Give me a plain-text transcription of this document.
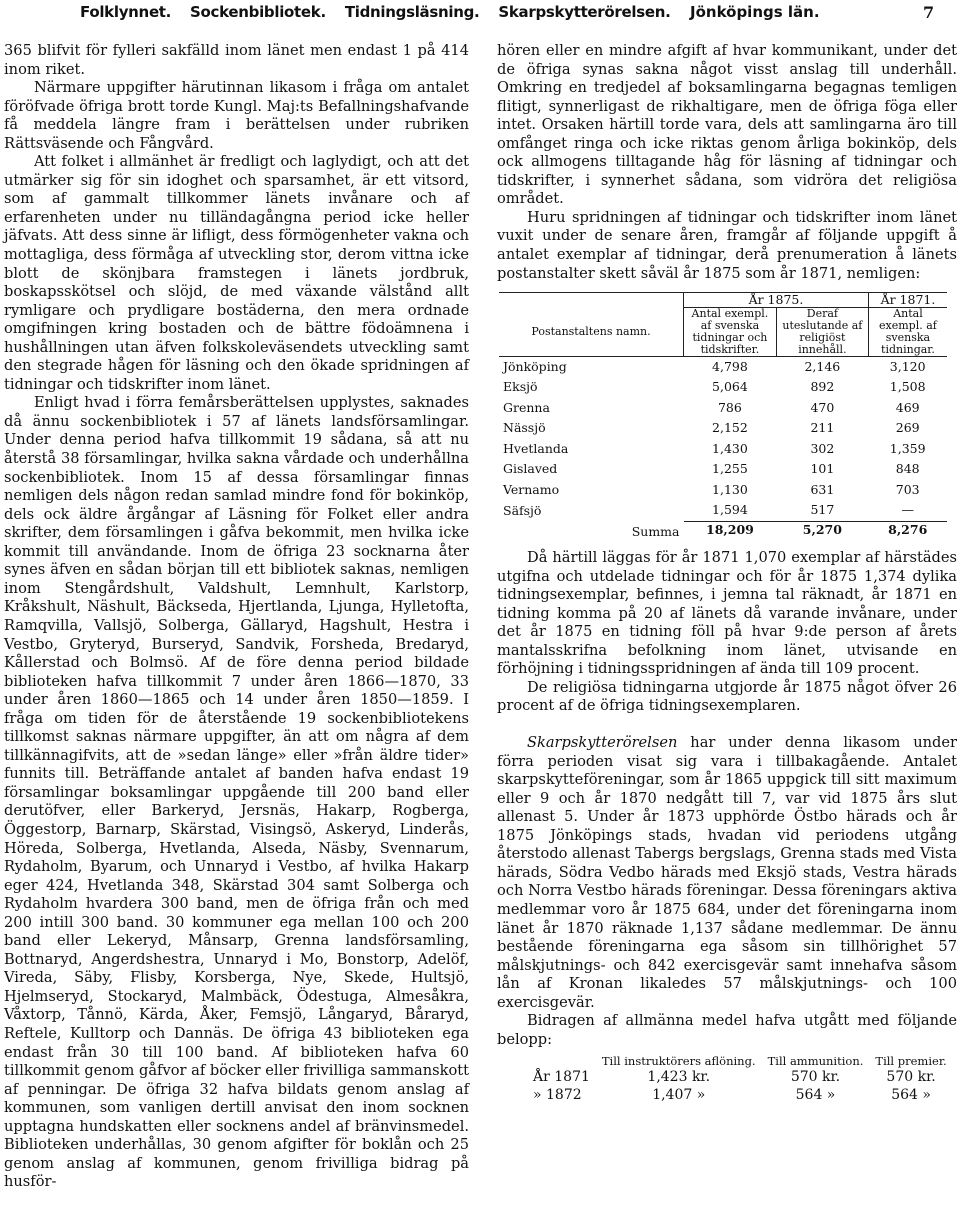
Folklynnet. Sockenbibliotek. Tidningsläsning. Skarpskytterörelsen.	Jönköpings län.	7

365 blifvit för fylleri sakfälld inom länet men endast 1 på 414 inom riket.

Närmare uppgifter härutinnan likasom i fråga om antalet föröfvade öfriga brott torde Kungl. Maj:ts Befallningshafvande få meddela längre fram i berättelsen under rubriken Rättsväsende och Fångvård.

Att folket i allmänhet är fredligt och laglydigt, och att det utmärker sig för sin idoghet och sparsamhet, är ett vitsord, som af gammalt tillkommer länets invånare och af erfarenheten under nu tilländagångna period icke heller jäfvats. Att dess sinne är lifligt, dess förmögenheter vakna och mottagliga, dess förmåga af utveckling stor, derom vittna icke blott de skönjbara framstegen i länets jordbruk, boskapsskötsel och slöjd, de med växande välstånd allt rymligare och prydligare bostäderna, den mera ordnade omgifningen kring bostaden och de bättre födoämnena i hushållningen utan äfven folkskoleväsendets utveckling samt den stegrade hågen för läsning och den ökade spridningen af tidningar och tidskrifter inom länet.

Enligt hvad i förra femårsberättelsen upplystes, saknades då ännu sockenbibliotek i 57 af länets landsförsamlingar. Under denna period hafva tillkommit 19 sådana, så att nu återstå 38 församlingar, hvilka sakna vårdade och underhållna sockenbibliotek. Inom 15 af dessa församlingar finnas nemligen dels någon redan samlad mindre fond för bokinköp, dels ock äldre årgångar af Läsning för Folket eller andra skrifter, dem församlingen i gåfva bekommit, men hvilka icke kommit till användande. Inom de öfriga 23 socknarna åter synes äfven en sådan början till ett bibliotek saknas, nemligen inom Stengårdshult, Valdshult, Lemnhult, Karlstorp, Kråkshult, Näshult, Bäckseda, Hjertlanda, Ljunga, Hylletofta, Ramqvilla, Vallsjö, Solberga, Gällaryd, Hagshult, Hestra i Vestbo, Gryteryd, Burseryd, Sandvik, Forsheda, Bredaryd, Kållerstad och Bolmsö. Af de före denna period bildade biblioteken hafva tillkommit 7 under åren 1866—1870, 33 under åren 1860—1865 och 14 under åren 1850—1859. I fråga om tiden för de återstående 19 sockenbibliotekens tillkomst saknas närmare uppgifter, än att om några af dem tillkännagifvits, att de »sedan länge» eller »från äldre tider» funnits till. Beträffande antalet af banden hafva endast 19 församlingar boksamlingar uppgående till 200 band eller derutöfver, eller Barkeryd, Jersnäs, Hakarp, Rogberga, Öggestorp, Barnarp, Skärstad, Visingsö, Askeryd, Linderås, Höreda, Solberga, Hvetlanda, Alseda, Näsby, Svennarum, Rydaholm, Byarum, och Unnaryd i Vestbo, af hvilka Hakarp eger 424, Hvetlanda 348, Skärstad 304 samt Solberga och Rydaholm hvardera 300 band, men de öfriga från och med 200 intill 300 band. 30 kommuner ega mellan 100 och 200 band eller Lekeryd, Månsarp, Grenna landsförsamling, Bottnaryd, Angerdshestra, Unnaryd i Mo, Bonstorp, Adelöf, Vireda, Säby, Flisby, Korsberga, Nye, Skede, Hultsjö, Hjelmseryd, Stockaryd, Malmbäck, Ödestuga, Almesåkra, Våxtorp, Tånnö, Kärda, Åker, Femsjö, Långaryd, Båraryd, Reftele, Kulltorp och Dannäs. De öfriga 43 biblioteken ega endast från 30 till 100 band. Af biblioteken hafva 60 tillkommit genom gåfvor af böcker eller frivilliga sammanskott af penningar. De öfriga 32 hafva bildats genom anslag af kommunen, som vanligen dertill anvisat den inom socknen upptagna hundskatten eller socknens andel af bränvinsmedel. Biblioteken underhållas, 30 genom afgifter för boklån och 25 genom anslag af kommunen, genom frivilliga bidrag på husför-

hören eller en mindre afgift af hvar kommunikant, under det de öfriga synas sakna något visst anslag till underhåll. Omkring en tredjedel af boksamlingarna begagnas temligen flitigt, synnerligast de rikhaltigare, men de öfriga föga eller intet. Orsaken härtill torde vara, dels att samlingarna äro till omfånget ringa och icke riktas genom årliga bokinköp, dels ock allmogens tilltagande håg för läsning af tidningar och tidskrifter, i synnerhet sådana, som vidröra det religiösa området.

Huru spridningen af tidningar och tidskrifter inom länet vuxit under de senare åren, framgår af följande uppgift å antalet exemplar af tidningar, derå prenumeration å länets postanstalter skett såväl år 1875 som år 1871, nemligen:

	År 1875.		År 1871.

Postanstaltens namn.	Antal exempl. af svenska tidningar och tidskrifter.	Deraf uteslutande af religiöst innehåll.	Antal exempl. af svenska tidningar.
Jönköping	4,798	2,146	3,120
Eksjö	5,064	892	1,508
Grenna	786	470	469
Nässjö	2,152	211	269
Hvetlanda	1,430	302	1,359
Gislaved	1,255	101	848
Vernamo	1,130	631	703
Säfsjö	1,594	517	—
Summa	18,209	5,270	8,276

Då härtill läggas för år 1871 1,070 exemplar af härstädes utgifna och utdelade tidningar och för år 1875 1,374 dylika tidningsexemplar, befinnes, i jemna tal räknadt, år 1871 en tidning komma på 20 af länets då varande invånare, under det år 1875 en tidning föll på hvar 9:de person af årets mantalsskrifna befolkning inom länet, utvisande en förhöjning i tidningsspridningen af ända till 109 procent.

De religiösa tidningarna utgjorde år 1875 något öfver 26 procent af de öfriga tidningsexemplaren.

Skarpskytterörelsen har under denna likasom under förra perioden visat sig vara i tillbakagående. Antalet skarpskytteföreningar, som år 1865 uppgick till sitt maximum eller 9 och år 1870 nedgått till 7, var vid 1875 års slut allenast 5. Under år 1873 upphörde Östbo härads och år 1875 Jönköpings stads, hvadan vid periodens utgång återstodo allenast Tabergs bergslags, Grenna stads med Vista härads, Södra Vedbo härads med Eksjö stads, Vestra härads och Norra Vestbo härads föreningar. Dessa föreningars aktiva medlemmar voro år 1875 684, under det föreningarna inom länet år 1870 räknade 1,137 sådane medlemmar. De ännu bestående föreningarna ega såsom sin tillhörighet 57 målskjutnings- och 842 exercisgevär samt innehafva såsom lån af Kronan likaledes 57 målskjutnings- och 100 exercisgevär.

Bidragen af allmänna medel hafva utgått med följande belopp:

	Till instruktörers aflöning.	Till ammunition.	Till premier.
År 1871	1,423 kr.	570 kr.	570 kr.
» 1872	1,407 »	564 »	564 »
